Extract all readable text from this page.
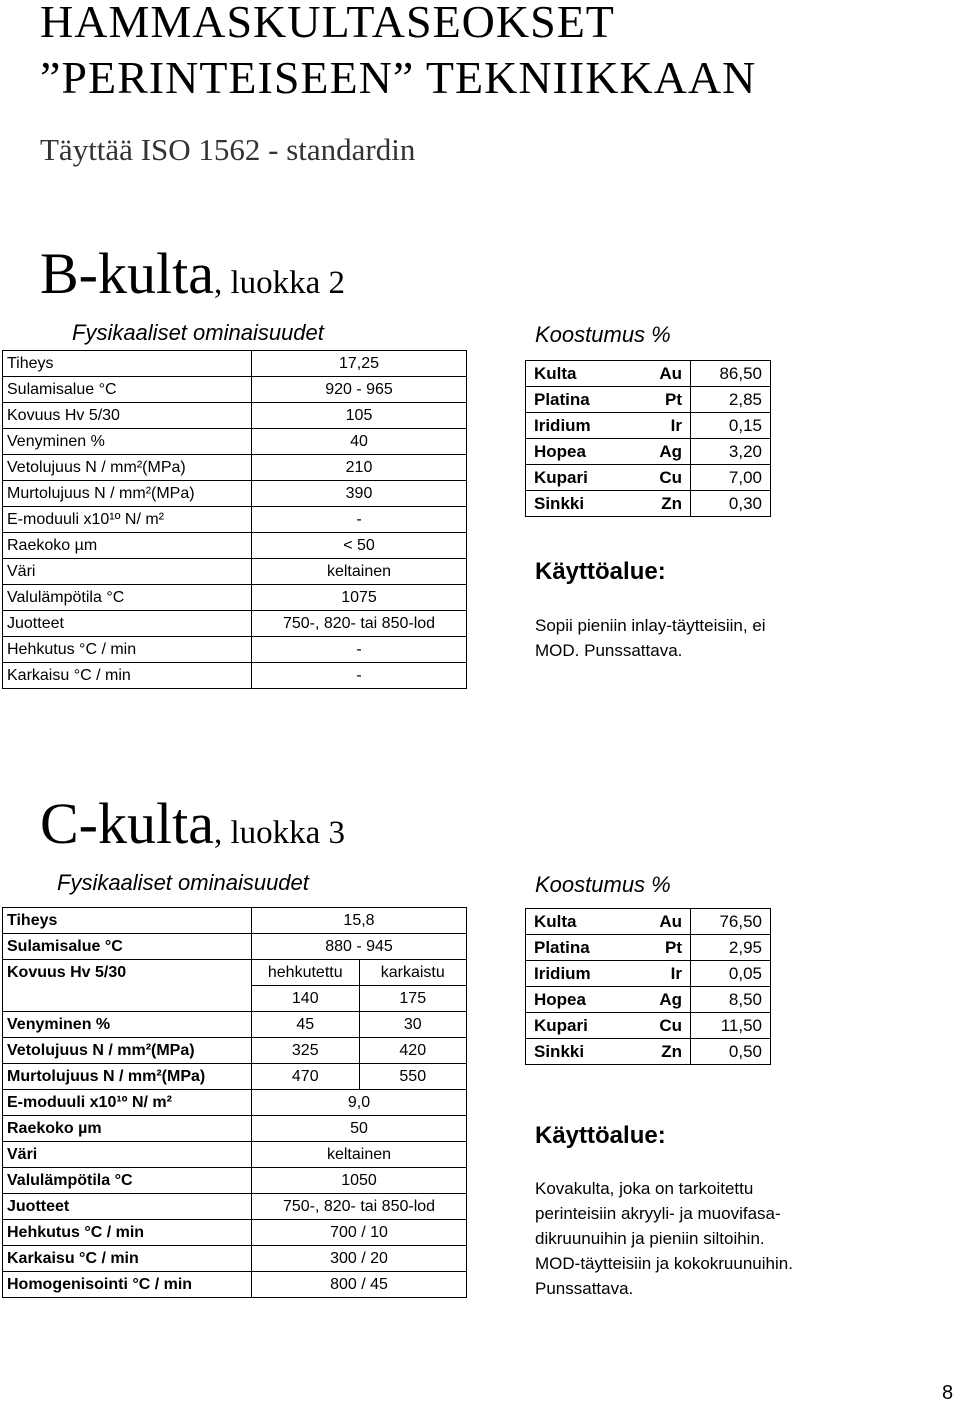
HAMMASKULTASEOKSET
”PERINTEISEEN” TEKNIIKKAAN
Täyttää ISO 1562 - standardin
B-kulta, luokka 2
Fysikaaliset ominaisuudet	Koostumus %
Tiheys	17,25
Sulamisalue °C	920 - 965
Kovuus Hv 5/30	105
Venyminen %	40
Vetolujuus N / mm²(MPa)	210
Murtolujuus N / mm²(MPa)	390
E-moduuli x10¹º N/ m²	-
Raekoko µm	< 50
Väri	keltainen
Valulämpötila °C	1075
Juotteet	750-, 820- tai 850-lod
Hehkutus °C / min	-
Karkaisu °C / min	-
Kulta	Au	86,50
Platina	Pt	2,85
Iridium	Ir	0,15
Hopea	Ag	3,20
Kupari	Cu	7,00
Sinkki	Zn	0,30
Käyttöalue:
Sopii pieniin inlay-täytteisiin, ei MOD. Punssattava.
C-kulta, luokka 3
Fysikaaliset ominaisuudet	Koostumus %
Tiheys	15,8	
Sulamisalue °C	880 - 945	
Kovuus Hv 5/30	hehkutettu	karkaistu
	140	175
Venyminen %	45	30
Vetolujuus N / mm²(MPa)	325	420
Murtolujuus N / mm²(MPa)	470	550
E-moduuli x10¹º N/ m²	9,0	
Raekoko µm	50	
Väri	keltainen	
Valulämpötila °C	1050	
Juotteet	750-, 820- tai 850-lod	
Hehkutus °C / min	700 / 10	
Karkaisu °C / min	300 / 20	
Homogenisointi °C / min	800 / 45	
Kulta	Au	76,50
Platina	Pt	2,95
Iridium	Ir	0,05
Hopea	Ag	8,50
Kupari	Cu	11,50
Sinkki	Zn	0,50
Käyttöalue:
Kovakulta, joka on tarkoitettu perinteisiin akryyli- ja muovifasa-dikruunuihin ja pieniin siltoihin. MOD-täytteisiin ja kokokruunuihin. Punssattava.
8
